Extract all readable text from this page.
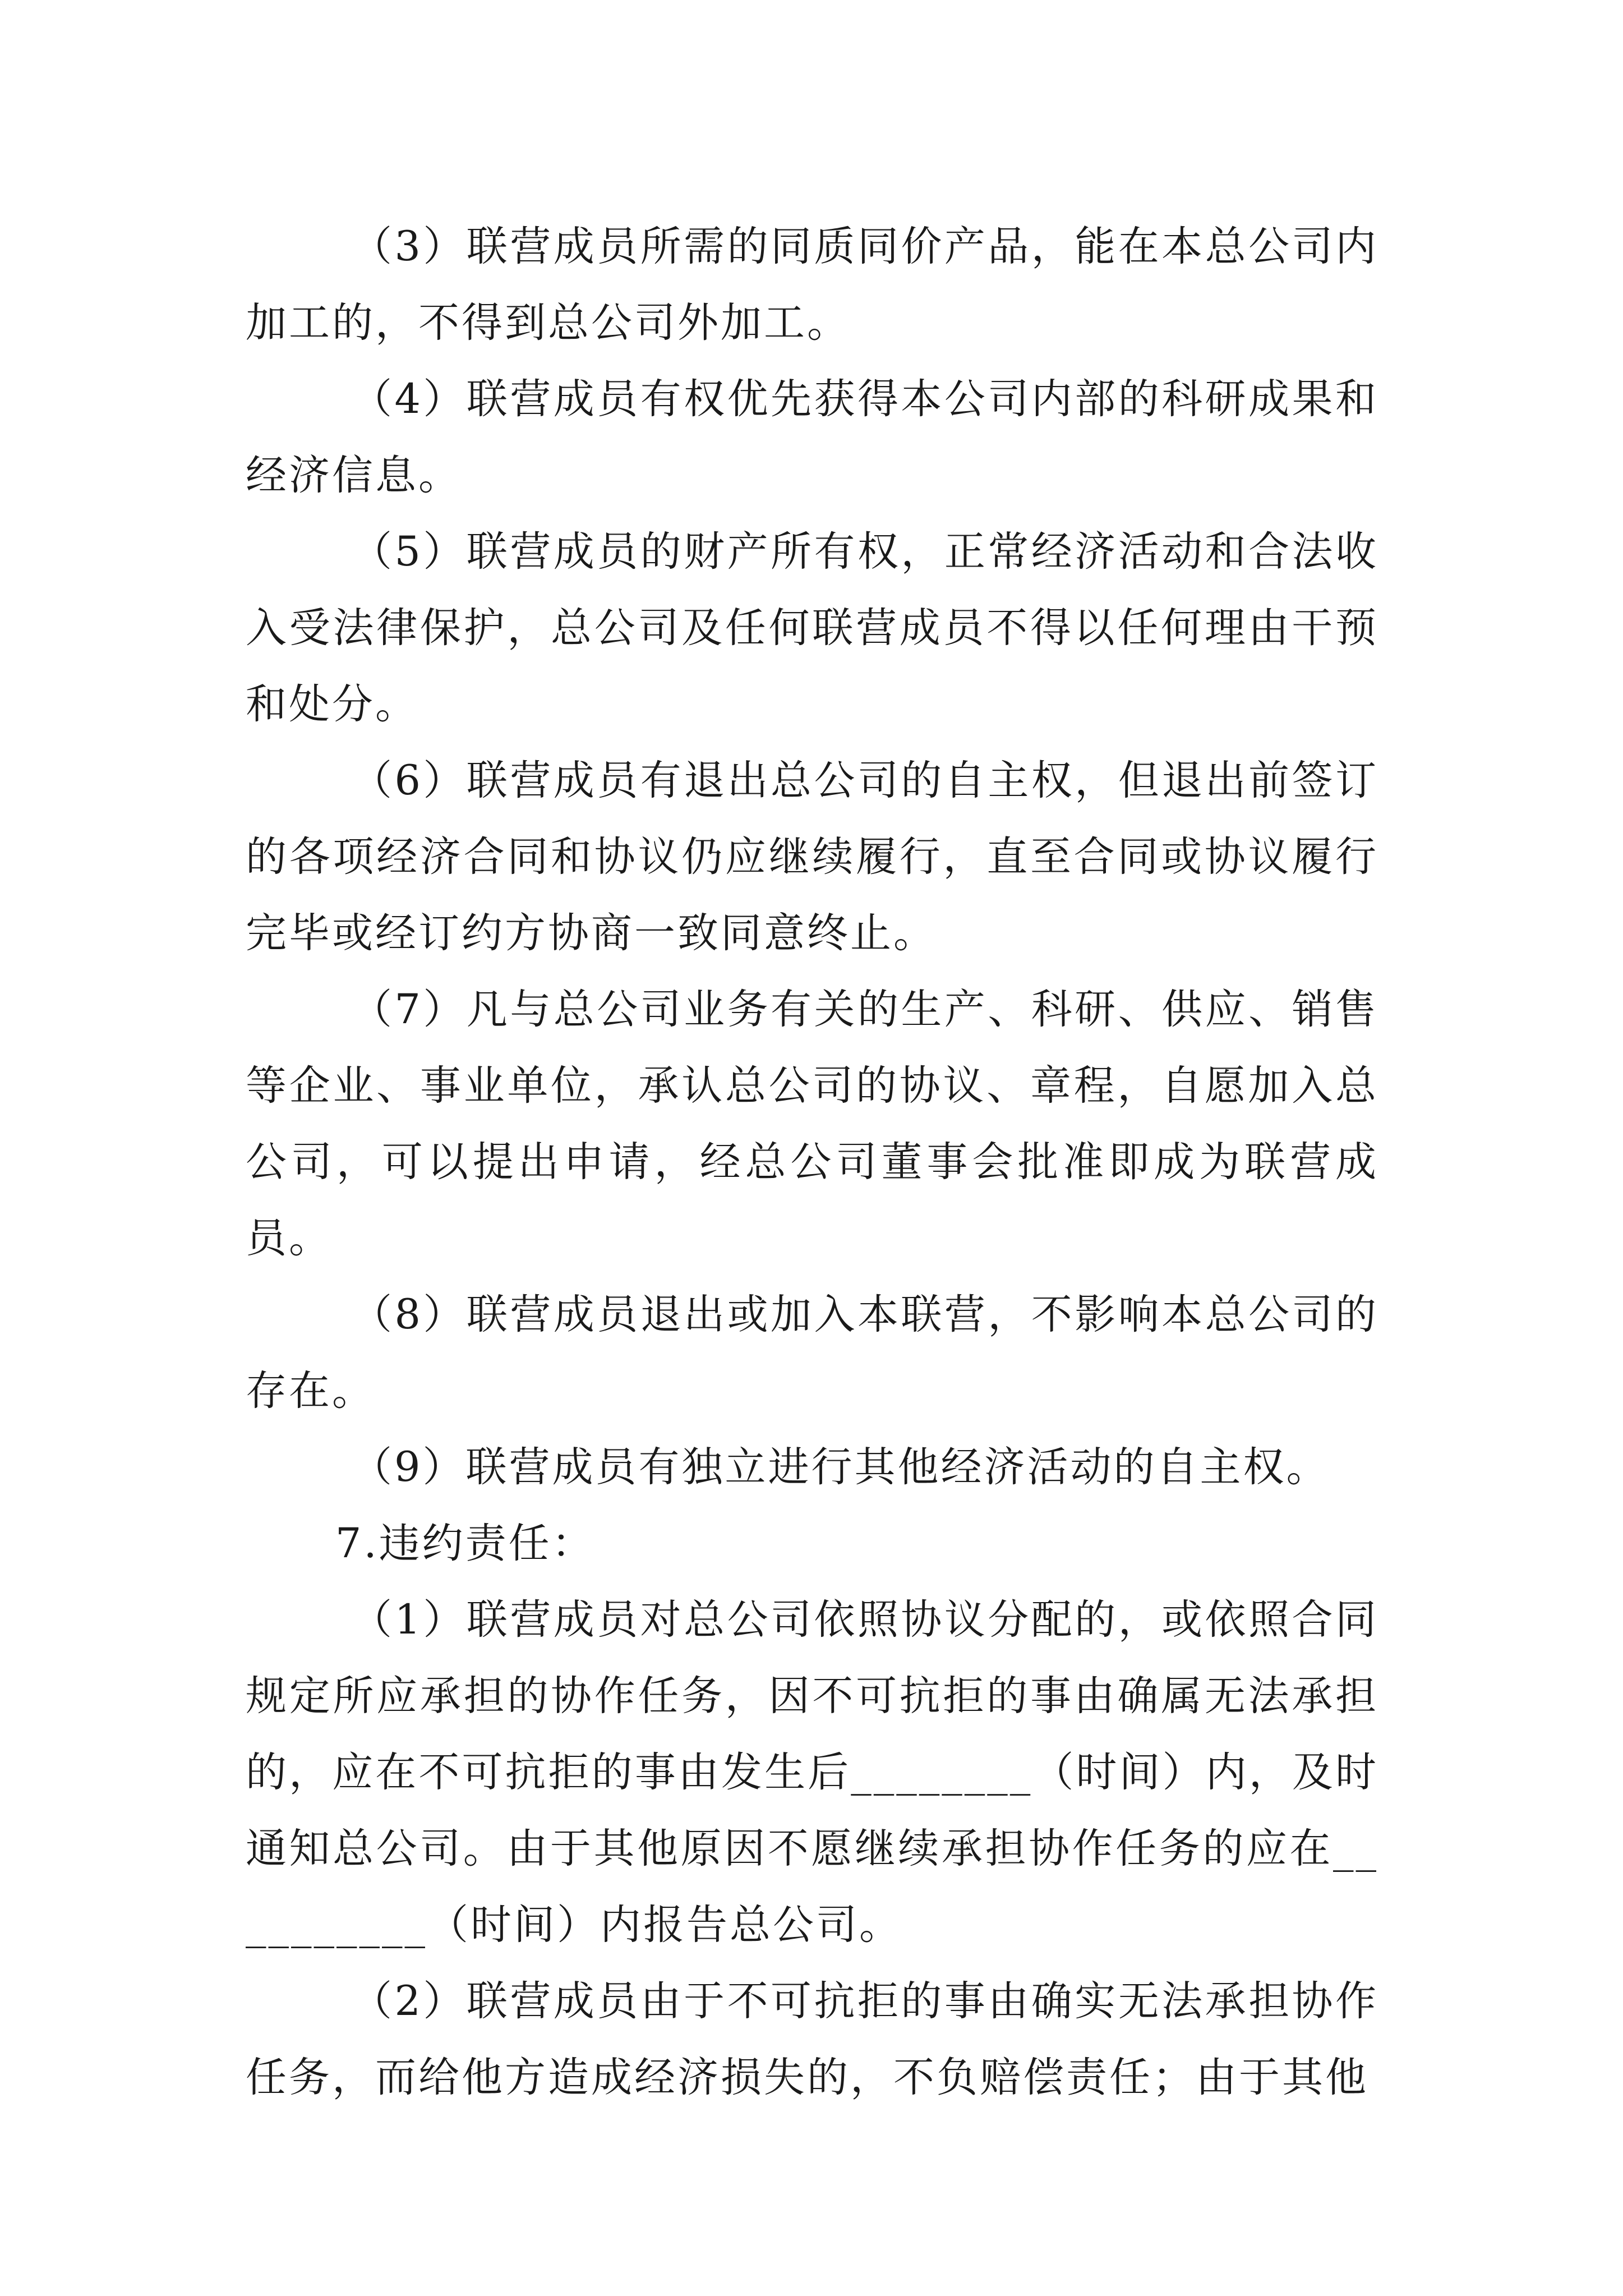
（3）联营成员所需的同质同价产品，能在本总公司内加工的，不得到总公司外加工。

（4）联营成员有权优先获得本公司内部的科研成果和经济信息。

（5）联营成员的财产所有权，正常经济活动和合法收入受法律保护，总公司及任何联营成员不得以任何理由干预和处分。

（6）联营成员有退出总公司的自主权，但退出前签订的各项经济合同和协议仍应继续履行，直至合同或协议履行完毕或经订约方协商一致同意终止。

（7）凡与总公司业务有关的生产、科研、供应、销售等企业、事业单位，承认总公司的协议、章程，自愿加入总公司，可以提出申请，经总公司董事会批准即成为联营成员。

（8）联营成员退出或加入本联营，不影响本总公司的存在。

（9）联营成员有独立进行其他经济活动的自主权。

7.违约责任：

（1）联营成员对总公司依照协议分配的，或依照合同规定所应承担的协作任务，因不可抗拒的事由确属无法承担的，应在不可抗拒的事由发生后________（时间）内，及时通知总公司。由于其他原因不愿继续承担协作任务的应在__________（时间）内报告总公司。

（2）联营成员由于不可抗拒的事由确实无法承担协作任务，而给他方造成经济损失的，不负赔偿责任；由于其他
